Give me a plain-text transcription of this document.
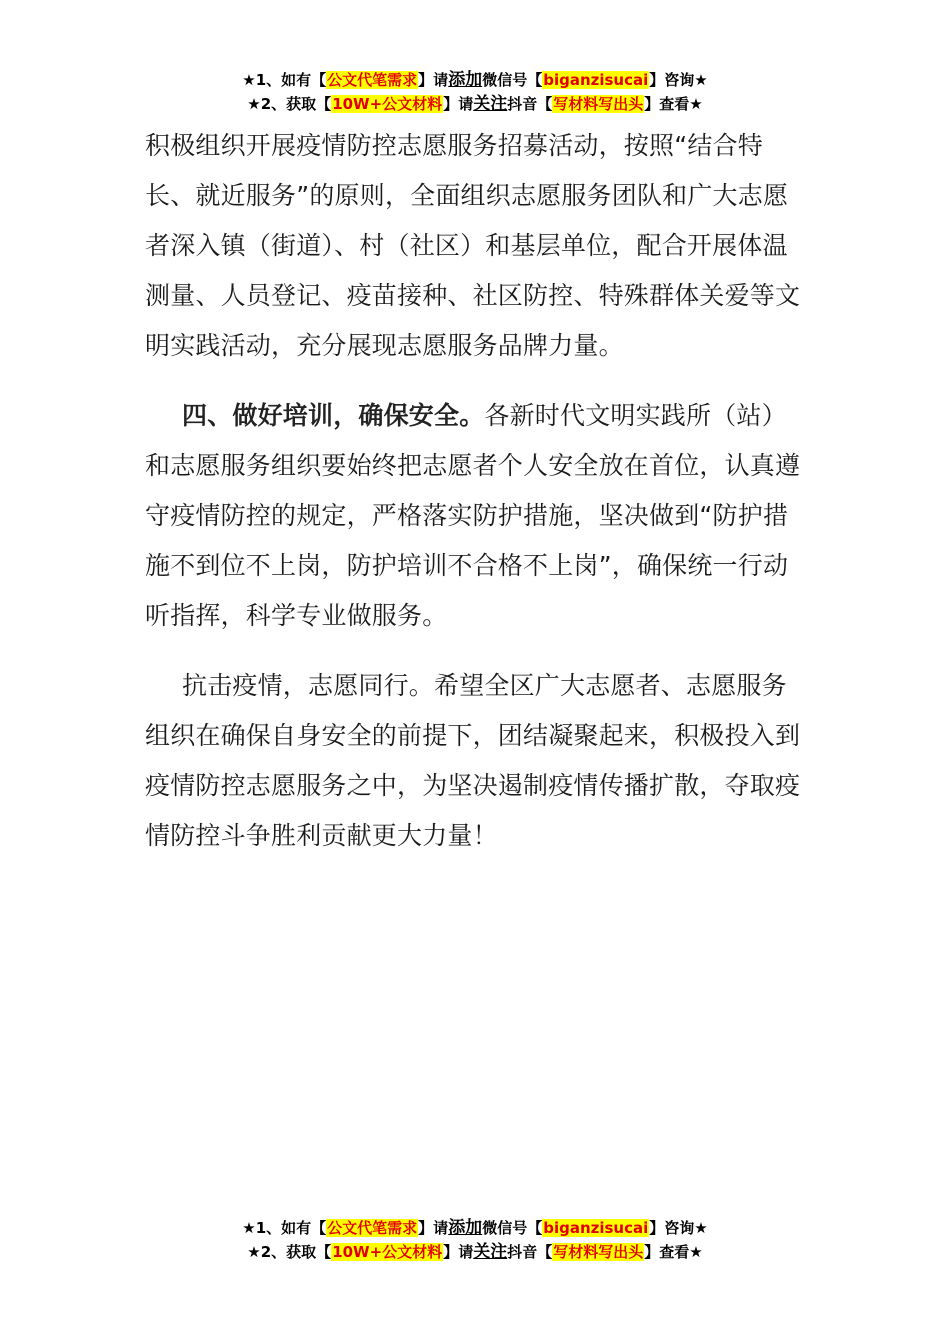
★1、如有【公文代笔需求】请添加微信号【biganzisucai】咨询★
★2、获取【10W+公文材料】请关注抖音【写材料写出头】查看★

积极组织开展疫情防控志愿服务招募活动，按照“结合特长、就近服务”的原则，全面组织志愿服务团队和广大志愿者深入镇（街道）、村（社区）和基层单位，配合开展体温测量、人员登记、疫苗接种、社区防控、特殊群体关爱等文明实践活动，充分展现志愿服务品牌力量。

四、做好培训，确保安全。各新时代文明实践所（站）和志愿服务组织要始终把志愿者个人安全放在首位，认真遵守疫情防控的规定，严格落实防护措施，坚决做到“防护措施不到位不上岗，防护培训不合格不上岗”，确保统一行动听指挥，科学专业做服务。

抗击疫情，志愿同行。希望全区广大志愿者、志愿服务组织在确保自身安全的前提下，团结凝聚起来，积极投入到疫情防控志愿服务之中，为坚决遏制疫情传播扩散，夺取疫情防控斗争胜利贡献更大力量！

★1、如有【公文代笔需求】请添加微信号【biganzisucai】咨询★
★2、获取【10W+公文材料】请关注抖音【写材料写出头】查看★
